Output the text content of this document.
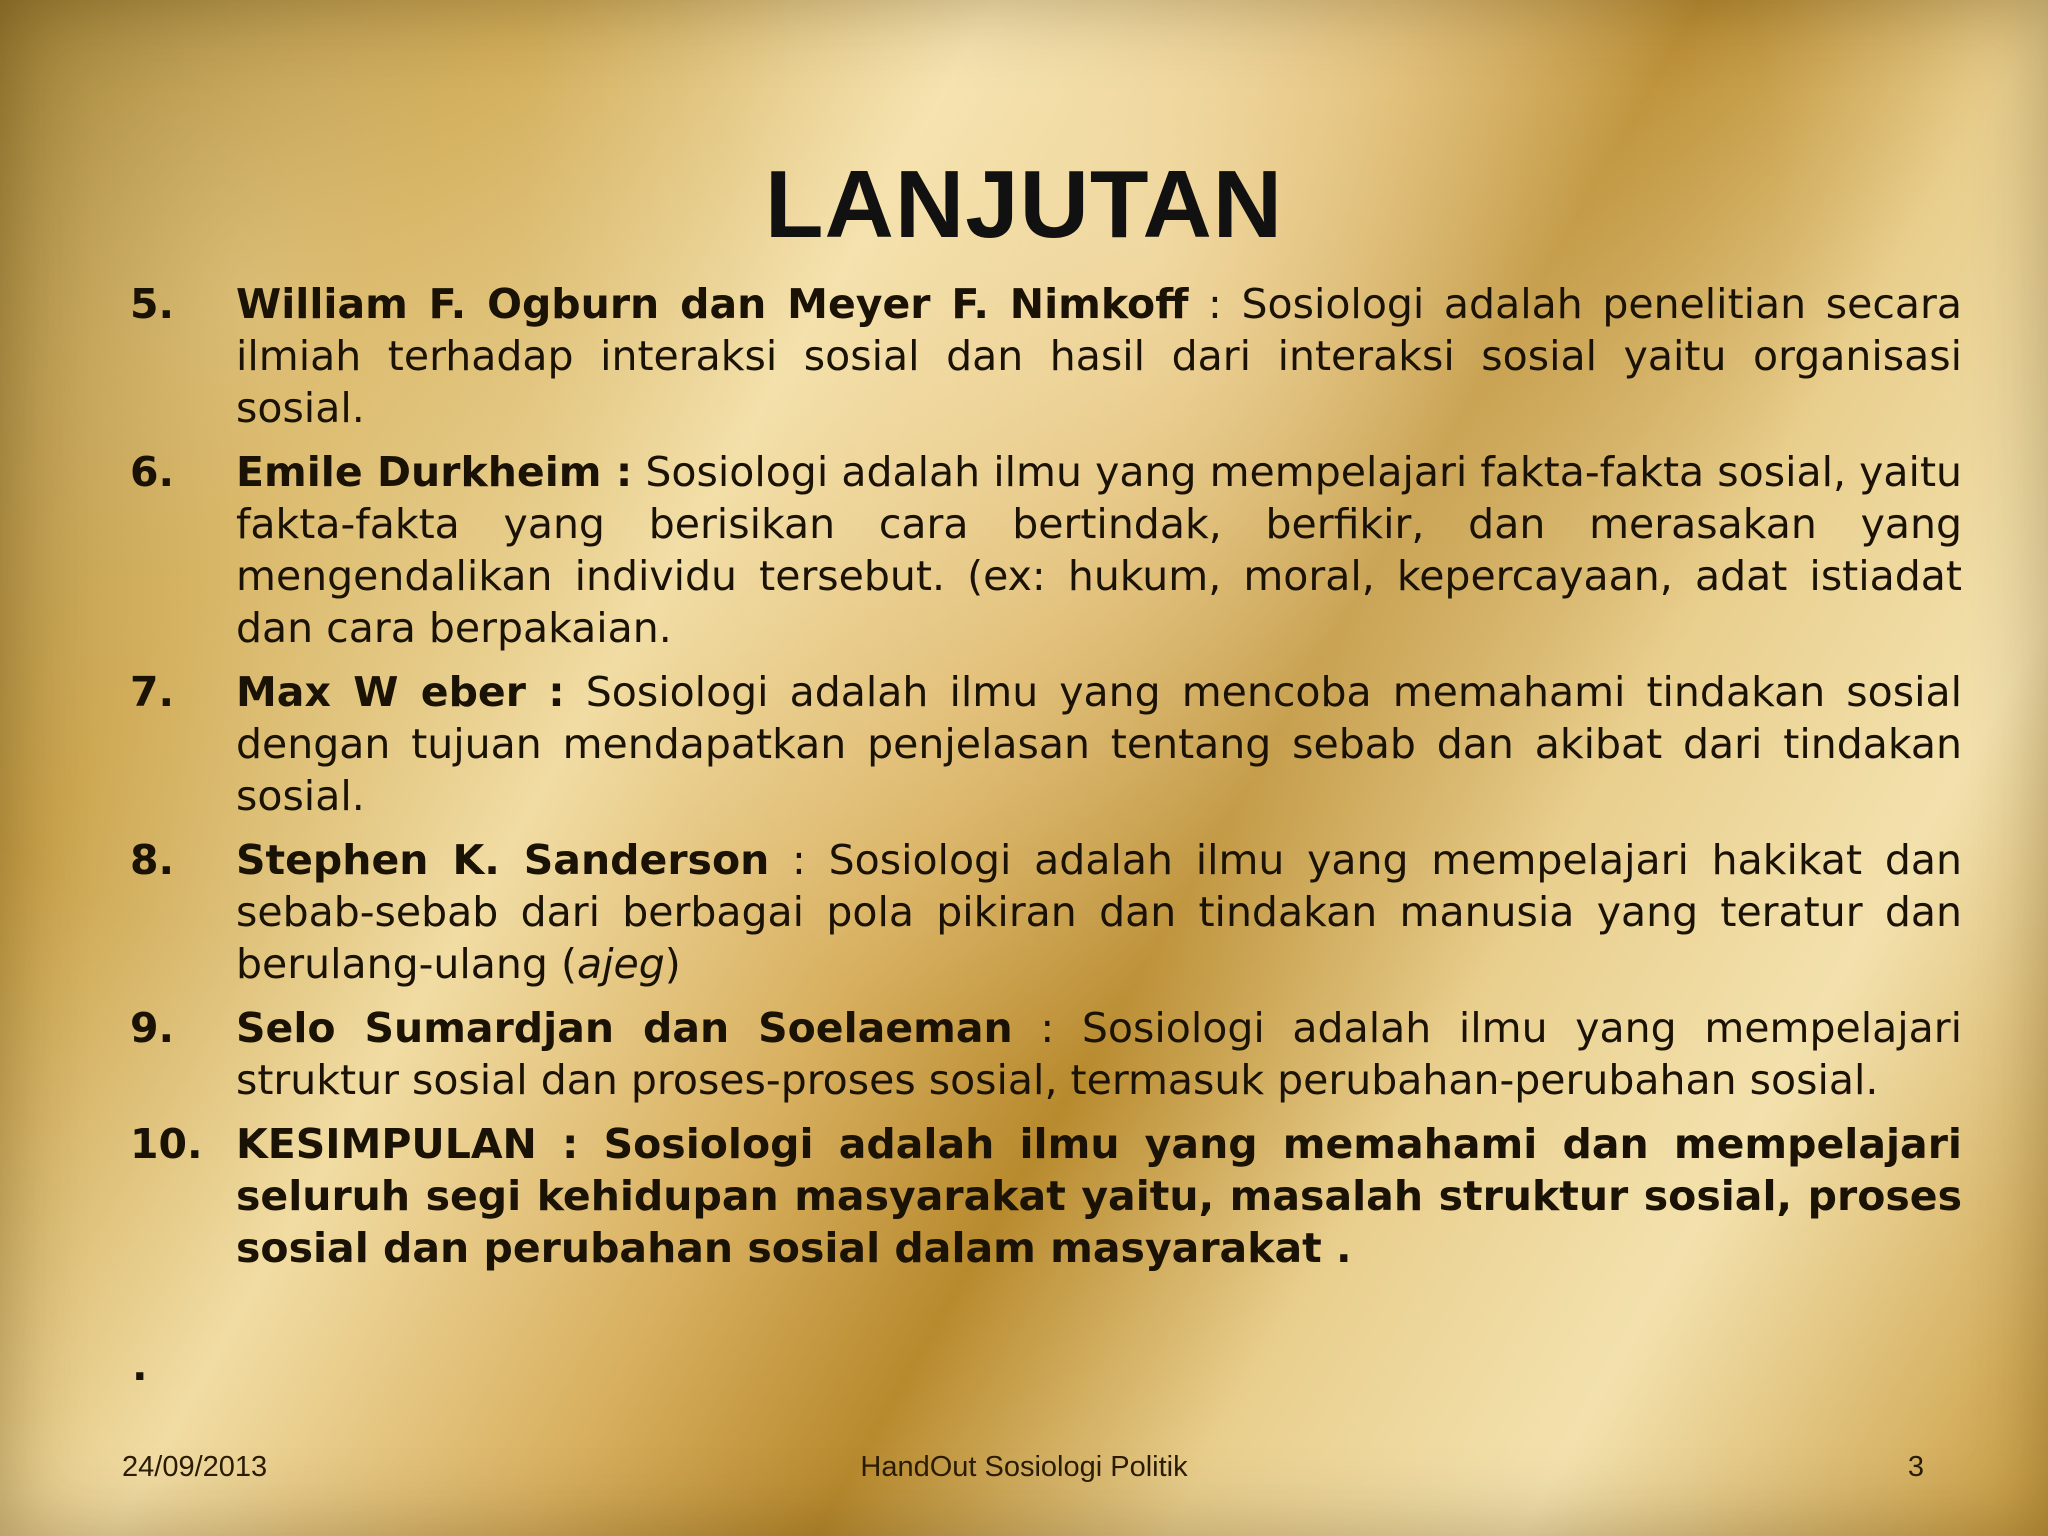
LANJUTAN
5.	William F. Ogburn dan Meyer F. Nimkoff : Sosiologi adalah penelitian secara ilmiah terhadap interaksi sosial dan hasil dari interaksi sosial yaitu organisasi sosial.
6.	Emile Durkheim : Sosiologi adalah ilmu yang mempelajari fakta-fakta sosial, yaitu fakta-fakta yang berisikan cara bertindak, berfikir, dan merasakan yang mengendalikan individu tersebut. (ex: hukum, moral, kepercayaan, adat istiadat dan cara berpakaian.
7.	Max W eber : Sosiologi adalah ilmu yang mencoba memahami tindakan sosial dengan tujuan mendapatkan penjelasan tentang sebab dan akibat dari tindakan sosial.
8.	Stephen K. Sanderson : Sosiologi adalah ilmu yang mempelajari hakikat dan sebab-sebab dari berbagai pola pikiran dan tindakan manusia yang teratur dan berulang-ulang (ajeg)
9.	Selo Sumardjan dan Soelaeman : Sosiologi adalah ilmu yang mempelajari struktur sosial dan proses-proses sosial, termasuk perubahan-perubahan sosial.
10. KESIMPULAN : Sosiologi adalah ilmu yang memahami dan mempelajari seluruh segi kehidupan masyarakat yaitu, masalah struktur sosial, proses sosial dan perubahan sosial dalam masyarakat .
.
24/09/2013	HandOut Sosiologi Politik	3
